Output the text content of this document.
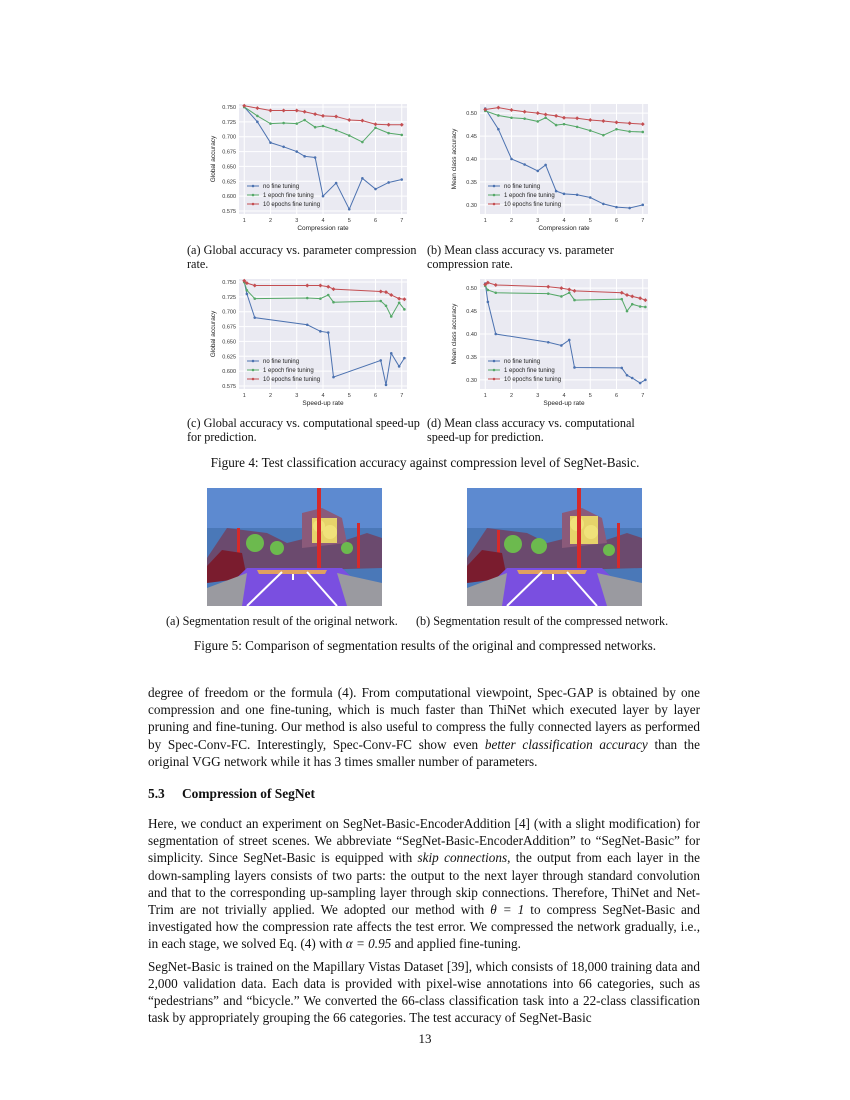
0.575
0.600
0.625
0.650
0.675
0.700
0.725
0.750
1	2	3	4	5	6	7
Compression rate
Global accuracy
no fine tuning
1 epoch fine tuning
10 epochs fine tuning	0.30
0.35
0.40
0.45
0.50
1	2	3	4	5	6	7
Compression rate
Mean class accuracy	no fine tuning
1 epoch fine tuning
10 epochs fine tuning
(a) Global accuracy vs. parameter compression rate.
(b) Mean class accuracy vs. parameter compression rate.
0.575
0.600
0.625
0.650
0.675
0.700
0.725
0.750
1	2	3	4	5	6	7
Speed-up rate
Global accuracy
no fine tuning
1 epoch fine tuning
10 epochs fine tuning	0.30
0.35
0.40
0.45
0.50
1	2	3	4	5	6	7
Speed-up rate
Mean class accuracy	no fine tuning
1 epoch fine tuning
10 epochs fine tuning
(c) Global accuracy vs. computational speed-up for prediction.
(d) Mean class accuracy vs. computational speed-up for prediction.
Figure 4: Test classification accuracy against compression level of SegNet-Basic.
(a) Segmentation result of the original network.	(b) Segmentation result of the compressed network.
Figure 5: Comparison of segmentation results of the original and compressed networks.

degree of freedom or the formula (4). From computational viewpoint, Spec-GAP is obtained by one compression and one fine-tuning, which is much faster than ThiNet which executed layer by layer pruning and fine-tuning. Our method is also useful to compress the fully connected layers as performed by Spec-Conv-FC. Interestingly, Spec-Conv-FC show even better classification accuracy than the original VGG network while it has 3 times smaller number of parameters.

5.3 Compression of SegNet

Here, we conduct an experiment on SegNet-Basic-EncoderAddition [4] (with a slight modification) for segmentation of street scenes. We abbreviate “SegNet-Basic-EncoderAddition” to “SegNet-Basic” for simplicity. Since SegNet-Basic is equipped with skip connections, the output from each layer in the down-sampling layers consists of two parts: the output to the next layer through standard convolution and that to the corresponding up-sampling layer through skip connections. Therefore, ThiNet and Net-Trim are not trivially applied. We adopted our method with θ = 1 to compress SegNet-Basic and investigated how the compression rate affects the test error. We compressed the network gradually, i.e., in each stage, we solved Eq. (4) with α = 0.95 and applied fine-tuning.

SegNet-Basic is trained on the Mapillary Vistas Dataset [39], which consists of 18,000 training data and 2,000 validation data. Each data is provided with pixel-wise annotations into 66 categories, such as “pedestrians” and “bicycle.” We converted the 66-class classification task into a 22-class classification task by appropriately grouping the 66 categories. The test accuracy of SegNet-Basic

13
